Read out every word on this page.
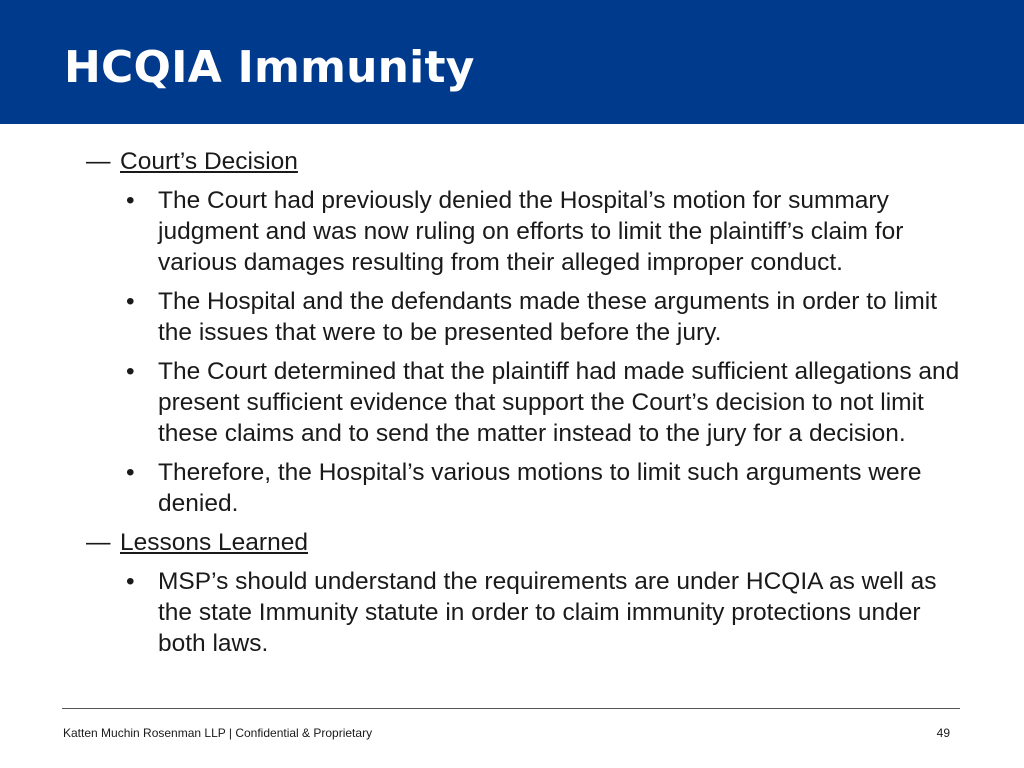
HCQIA Immunity
— Court’s Decision
• The Court had previously denied the Hospital’s motion for summary judgment and was now ruling on efforts to limit the plaintiff’s claim for various damages resulting from their alleged improper conduct.
• The Hospital and the defendants made these arguments in order to limit the issues that were to be presented before the jury.
• The Court determined that the plaintiff had made sufficient allegations and present sufficient evidence that support the Court’s decision to not limit these claims and to send the matter instead to the jury for a decision.
• Therefore, the Hospital’s various motions to limit such arguments were denied.
— Lessons Learned
• MSP’s should understand the requirements are under HCQIA as well as the state Immunity statute in order to claim immunity protections under both laws.
Katten Muchin Rosenman LLP | Confidential & Proprietary	49
